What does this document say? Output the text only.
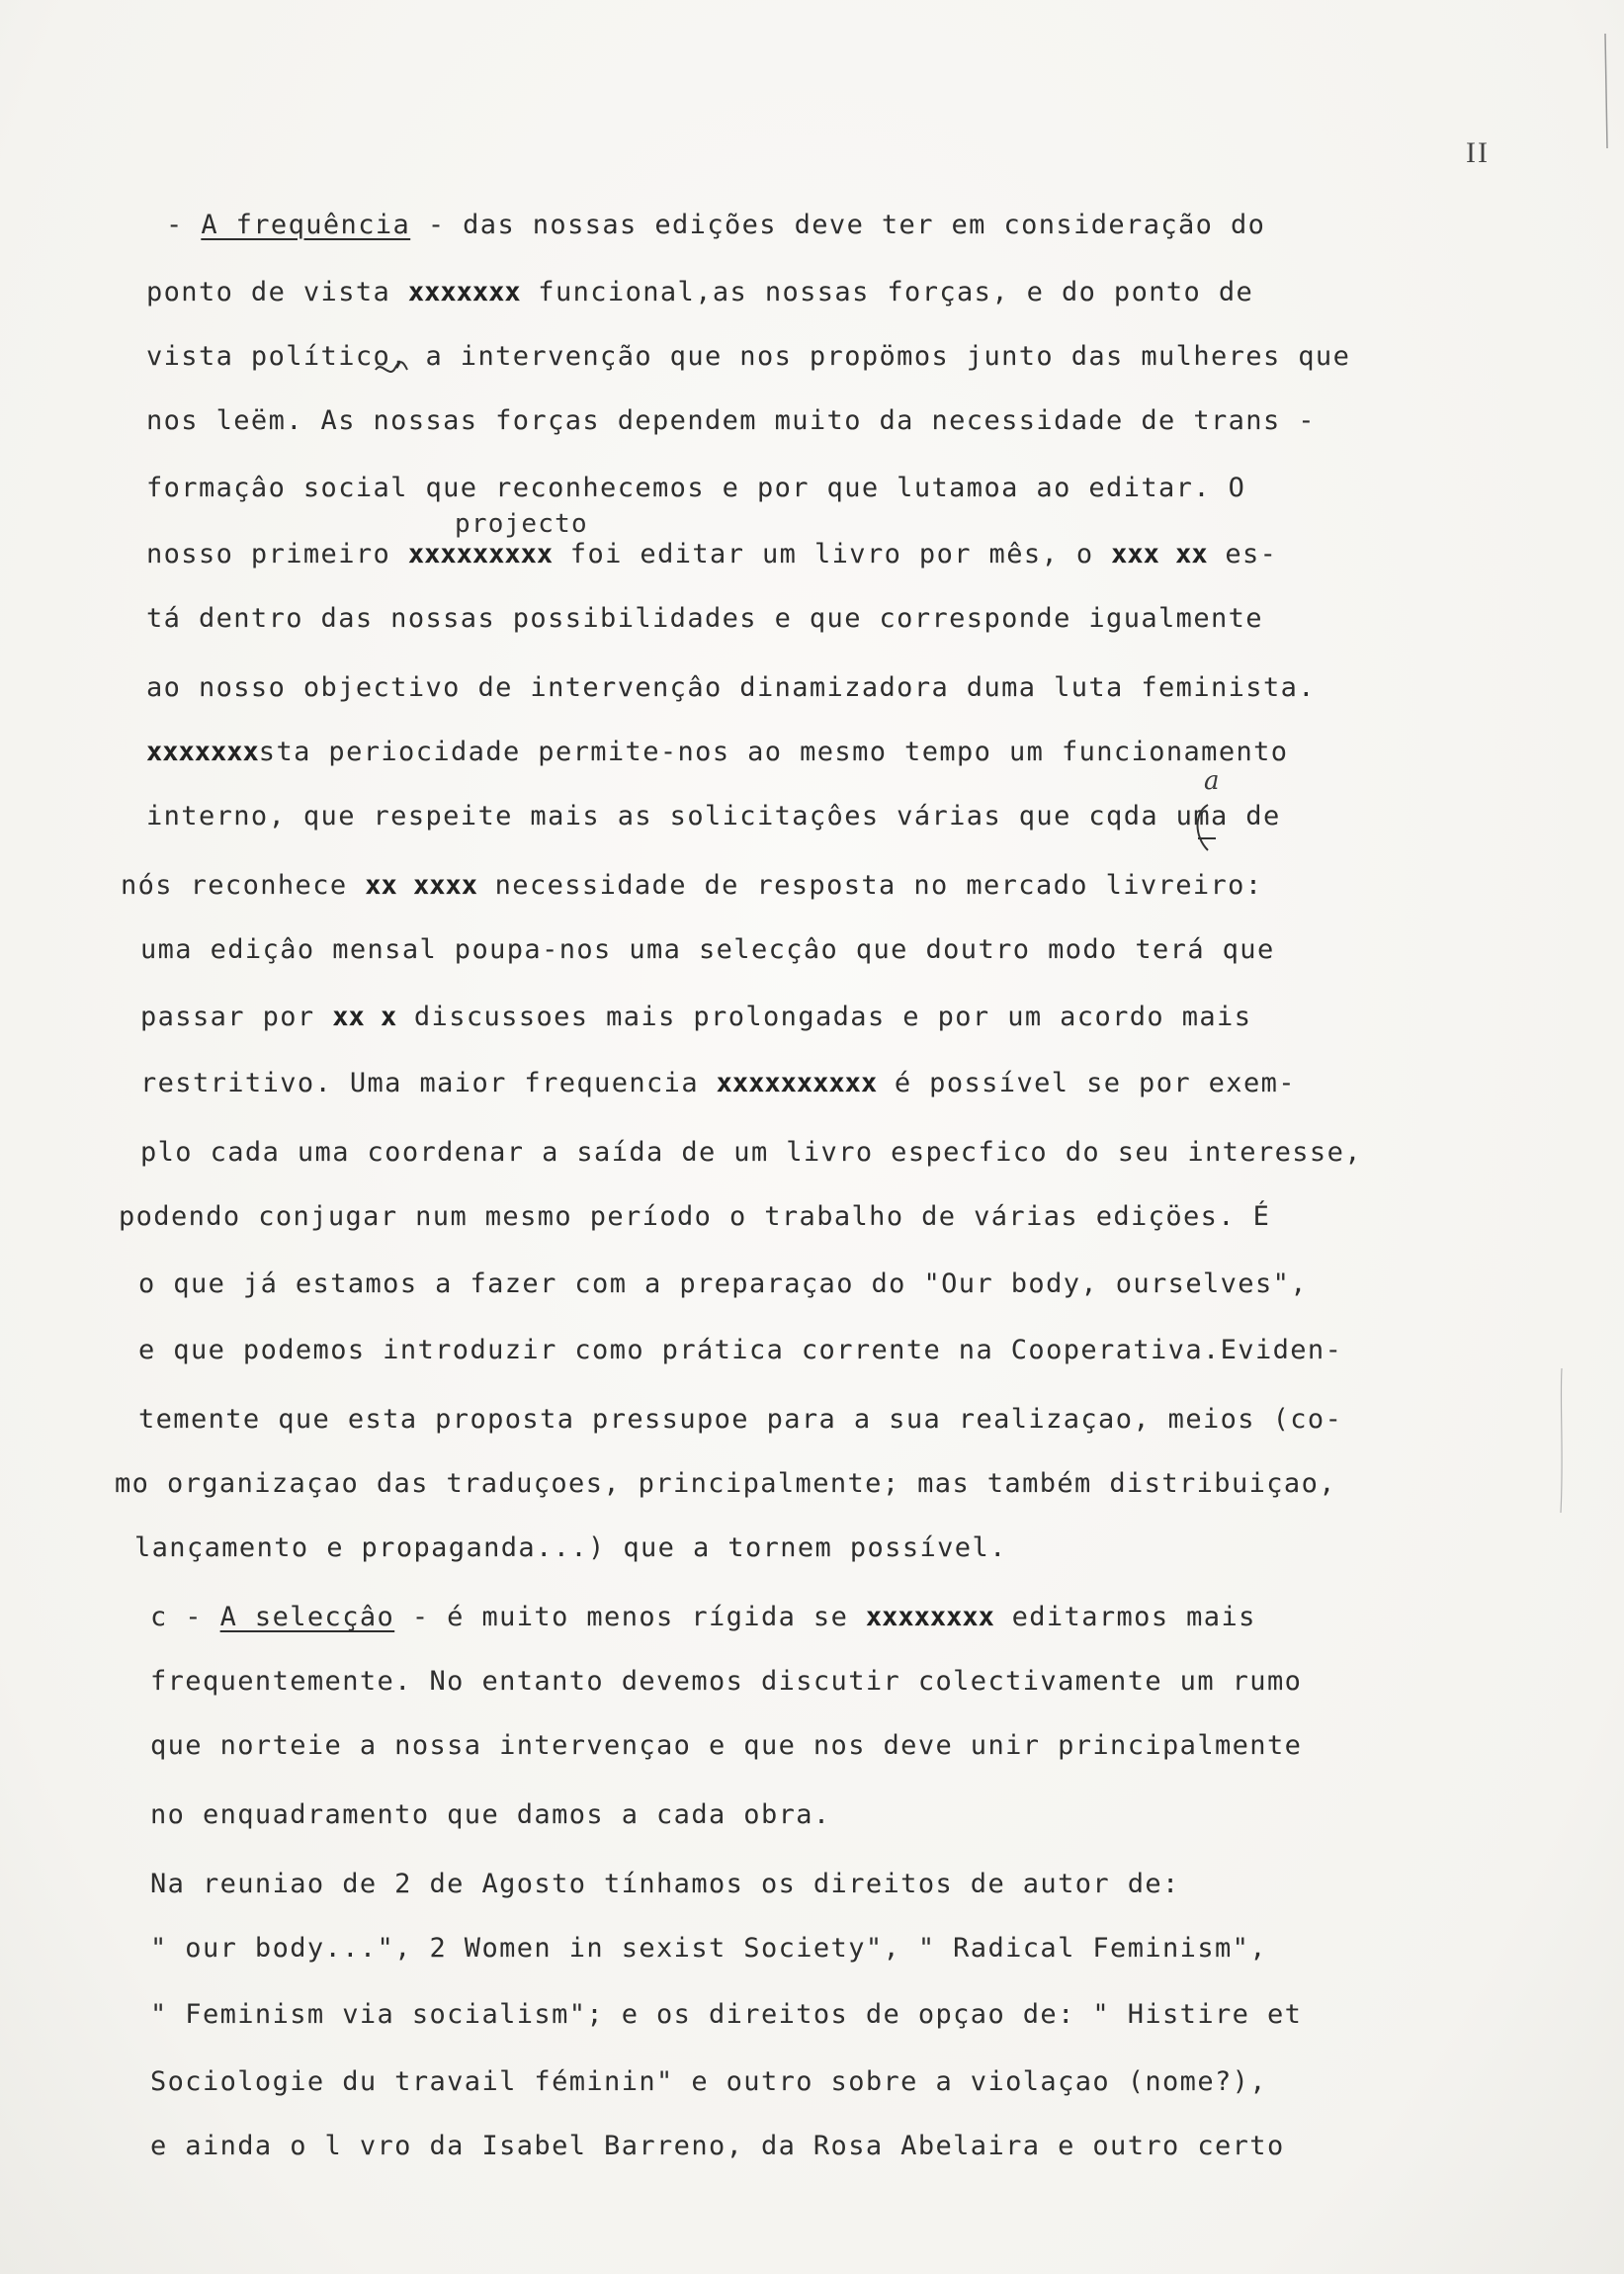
II
- A frequência - das nossas edições deve ter em consideração do
ponto de vista xxxxxxx funcional,as nossas forças, e do ponto de
vista político, a intervenção que nos propömos junto das mulheres que
nos leëm. As nossas forças dependem muito da necessidade de trans -
formaçâo social que reconhecemos e por que lutamoa ao editar. O
nosso primeiro xxxxxxxxx foi editar um livro por mês, o xxx xx es-
tá dentro das nossas possibilidades e que corresponde igualmente
ao nosso objectivo de intervençâo dinamizadora duma luta feminista.
xxxxxxxsta periocidade permite-nos ao mesmo tempo um funcionamento
interno, que respeite mais as solicitaçôes várias que cqda uma de
nós reconhece xx xxxx necessidade de resposta no mercado livreiro:
uma ediçâo mensal poupa-nos uma selecçâo que doutro modo terá que
passar por xx x discussoes mais prolongadas e por um acordo mais
restritivo. Uma maior frequencia xxxxxxxxxx é possível se por exem-
plo cada uma coordenar a saída de um livro especfico do seu interesse,
podendo conjugar num mesmo período o trabalho de várias ediçöes. É
o que já estamos a fazer com a preparaçao do "Our body, ourselves",
e que podemos introduzir como prática corrente na Cooperativa.Eviden-
temente que esta proposta pressupoe para a sua realizaçao, meios (co-
mo organizaçao das traduçoes, principalmente; mas também distribuiçao,
lançamento e propaganda...) que a tornem possível.
c - A selecçâo - é muito menos rígida se xxxxxxxx editarmos mais
frequentemente. No entanto devemos discutir colectivamente um rumo
que norteie a nossa intervençao e que nos deve unir principalmente
no enquadramento que damos a cada obra.
Na reuniao de 2 de Agosto tínhamos os direitos de autor de:
" our body...", 2 Women in sexist Society", " Radical Feminism",
" Feminism via socialism"; e os direitos de opçao de: " Histire et
Sociologie du travail féminin" e outro sobre a violaçao (nome?),
e ainda o l vro da Isabel Barreno, da Rosa Abelaira e outro certo
projecto
a
